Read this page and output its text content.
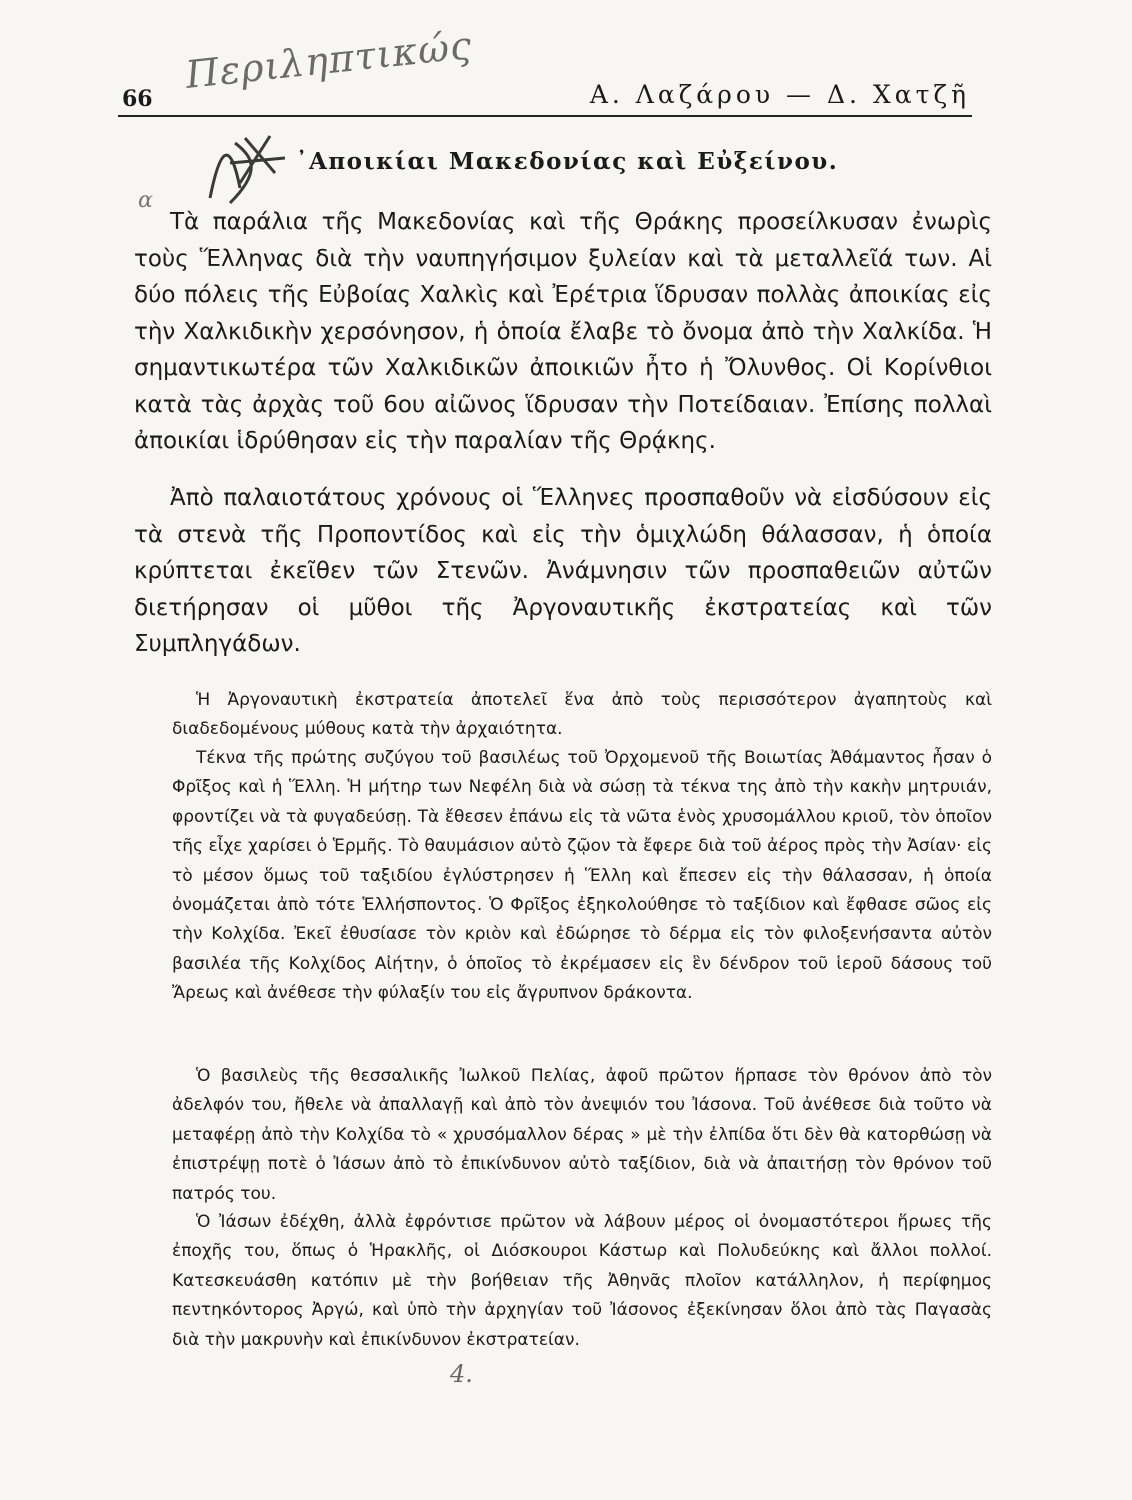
Περιληπτικώς
66	Α. Λαζάρου — Δ. Χατζῆ
α
᾽Αποικίαι Μακεδονίας καὶ Εὐξείνου.

Τὰ παράλια τῆς Μακεδονίας καὶ τῆς Θράκης προσείλκυσαν ἐνωρὶς τοὺς Ἕλληνας διὰ τὴν ναυπηγήσιμον ξυλείαν καὶ τὰ μεταλλεῖά των. Αἱ δύο πόλεις τῆς Εὐβοίας Χαλκὶς καὶ Ἐρέτρια ἵδρυσαν πολλὰς ἀποικίας εἰς τὴν Χαλκιδικὴν χερσόνησον, ἡ ὁποία ἔλαβε τὸ ὄνομα ἀπὸ τὴν Χαλκίδα. Ἡ σημαντικωτέρα τῶν Χαλκιδικῶν ἀποικιῶν ἦτο ἡ Ὄλυνθος. Οἱ Κορίνθιοι κατὰ τὰς ἀρχὰς τοῦ 6ου αἰῶνος ἵδρυσαν τὴν Ποτείδαιαν. Ἐπίσης πολλαὶ ἀποικίαι ἱδρύθησαν εἰς τὴν παραλίαν τῆς Θρᾴκης.

Ἀπὸ παλαιοτάτους χρόνους οἱ Ἕλληνες προσπαθοῦν νὰ εἰσδύσουν εἰς τὰ στενὰ τῆς Προποντίδος καὶ εἰς τὴν ὁμιχλώδη θάλασσαν, ἡ ὁποία κρύπτεται ἐκεῖθεν τῶν Στενῶν. Ἀνάμνησιν τῶν προσπαθειῶν αὐτῶν διετήρησαν οἱ μῦθοι τῆς Ἀργοναυτικῆς ἐκστρατείας καὶ τῶν Συμπληγάδων.

Ἡ Ἀργοναυτικὴ ἐκστρατεία ἀποτελεῖ ἕνα ἀπὸ τοὺς περισσότερον ἀγαπητοὺς καὶ διαδεδομένους μύθους κατὰ τὴν ἀρχαιότητα.

Τέκνα τῆς πρώτης συζύγου τοῦ βασιλέως τοῦ Ὀρχομενοῦ τῆς Βοιωτίας Ἀθάμαντος ἦσαν ὁ Φρῖξος καὶ ἡ Ἕλλη. Ἡ μήτηρ των Νεφέλη διὰ νὰ σώσῃ τὰ τέκνα της ἀπὸ τὴν κακὴν μητρυιάν, φροντίζει νὰ τὰ φυγαδεύσῃ. Τὰ ἔθεσεν ἐπάνω εἰς τὰ νῶτα ἑνὸς χρυσομάλλου κριοῦ, τὸν ὁποῖον τῆς εἶχε χαρίσει ὁ Ἑρμῆς. Τὸ θαυμάσιον αὐτὸ ζῷον τὰ ἔφερε διὰ τοῦ ἀέρος πρὸς τὴν Ἀσίαν· εἰς τὸ μέσον ὅμως τοῦ ταξιδίου ἐγλύστρησεν ἡ Ἕλλη καὶ ἔπεσεν εἰς τὴν θάλασσαν, ἡ ὁποία ὀνομάζεται ἀπὸ τότε Ἑλλήσποντος. Ὁ Φρῖξος ἐξηκολούθησε τὸ ταξίδιον καὶ ἔφθασε σῶος εἰς τὴν Κολχίδα. Ἐκεῖ ἐθυσίασε τὸν κριὸν καὶ ἐδώρησε τὸ δέρμα εἰς τὸν φιλοξενήσαντα αὐτὸν βασιλέα τῆς Κολχίδος Αἰήτην, ὁ ὁποῖος τὸ ἐκρέμασεν εἰς ἓν δένδρον τοῦ ἱεροῦ δάσους τοῦ Ἄρεως καὶ ἀνέθεσε τὴν φύλαξίν του εἰς ἄγρυπνον δράκοντα.

Ὁ βασιλεὺς τῆς θεσσαλικῆς Ἰωλκοῦ Πελίας, ἀφοῦ πρῶτον ἥρπασε τὸν θρόνον ἀπὸ τὸν ἀδελφόν του, ἤθελε νὰ ἀπαλλαγῇ καὶ ἀπὸ τὸν ἀνεψιόν του Ἰάσονα. Τοῦ ἀνέθεσε διὰ τοῦτο νὰ μεταφέρῃ ἀπὸ τὴν Κολχίδα τὸ « χρυσόμαλλον δέρας » μὲ τὴν ἐλπίδα ὅτι δὲν θὰ κατορθώσῃ νὰ ἐπιστρέψῃ ποτὲ ὁ Ἰάσων ἀπὸ τὸ ἐπικίνδυνον αὐτὸ ταξίδιον, διὰ νὰ ἀπαιτήσῃ τὸν θρόνον τοῦ πατρός του.

Ὁ Ἰάσων ἐδέχθη, ἀλλὰ ἐφρόντισε πρῶτον νὰ λάβουν μέρος οἱ ὀνομαστότεροι ἥρωες τῆς ἐποχῆς του, ὅπως ὁ Ἡρακλῆς, οἱ Διόσκουροι Κάστωρ καὶ Πολυδεύκης καὶ ἄλλοι πολλοί. Κατεσκευάσθη κατόπιν μὲ τὴν βοήθειαν τῆς Ἀθηνᾶς πλοῖον κατάλληλον, ἡ περίφημος πεντηκόντορος Ἀργώ, καὶ ὑπὸ τὴν ἀρχηγίαν τοῦ Ἰάσονος ἐξεκίνησαν ὅλοι ἀπὸ τὰς Παγασὰς διὰ τὴν μακρυνὴν καὶ ἐπικίνδυνον ἐκστρατείαν.

4.
